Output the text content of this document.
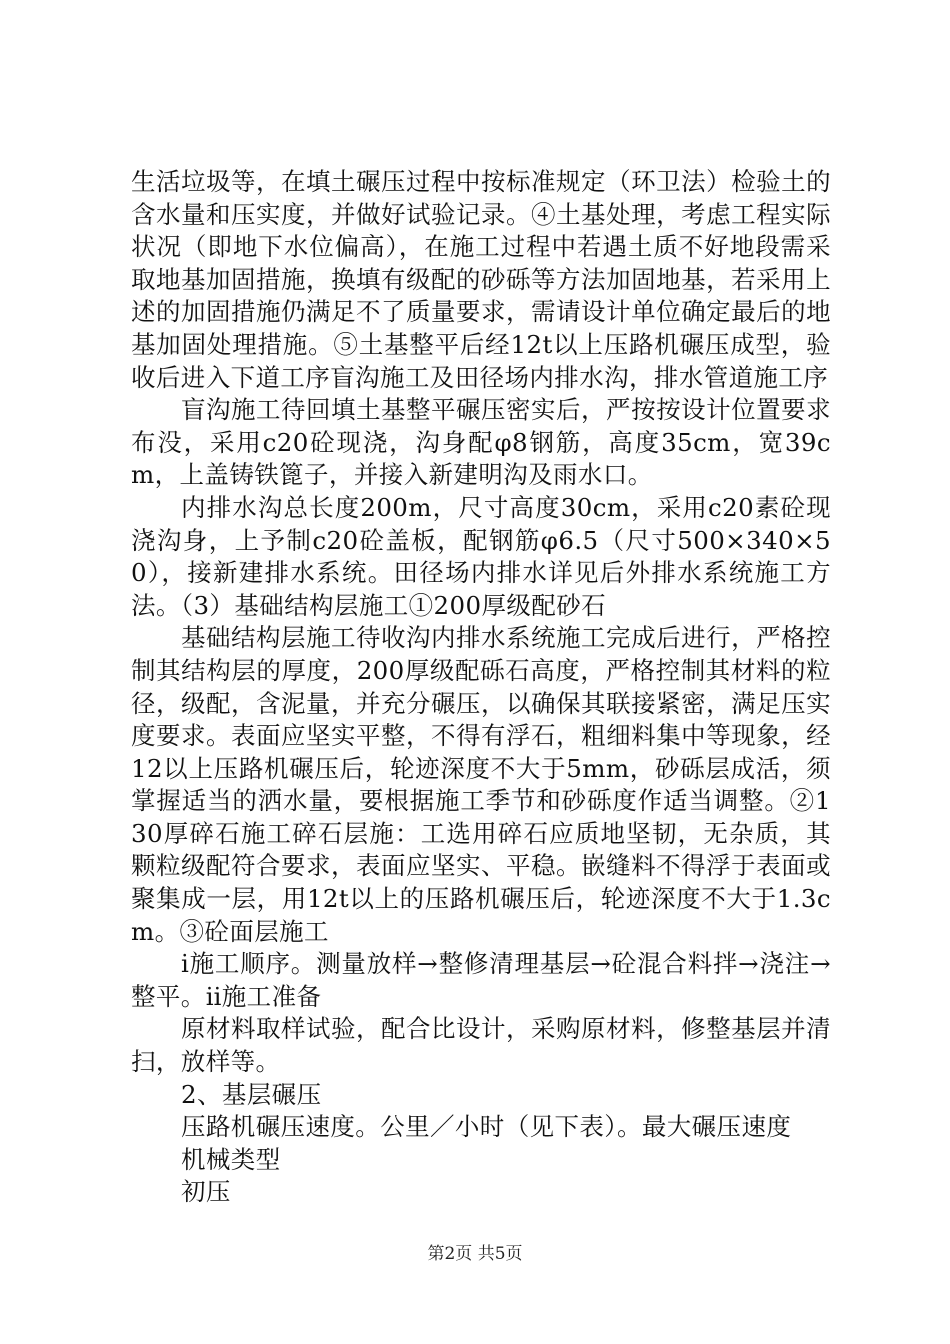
生活垃圾等，在填土碾压过程中按标准规定（环卫法）检验土的含水量和压实度，并做好试验记录。④土基处理，考虑工程实际状况（即地下水位偏高），在施工过程中若遇土质不好地段需采取地基加固措施，换填有级配的砂砾等方法加固地基，若采用上述的加固措施仍满足不了质量要求，需请设计单位确定最后的地基加固处理措施。⑤土基整平后经12t以上压路机碾压成型，验收后进入下道工序盲沟施工及田径场内排水沟，排水管道施工序

盲沟施工待回填土基整平碾压密实后，严按按设计位置要求布没，采用c20砼现浇，沟身配φ8钢筋，高度35cm，宽39cm，上盖铸铁篦子，并接入新建明沟及雨水口。

内排水沟总长度200m，尺寸高度30cm，采用c20素砼现浇沟身，上予制c20砼盖板，配钢筋φ6.5（尺寸500×340×50），接新建排水系统。田径场内排水详见后外排水系统施工方法。（3）基础结构层施工①200厚级配砂石

基础结构层施工待收沟内排水系统施工完成后进行，严格控制其结构层的厚度，200厚级配砾石高度，严格控制其材料的粒径，级配，含泥量，并充分碾压，以确保其联接紧密，满足压实度要求。表面应坚实平整，不得有浮石，粗细料集中等现象，经12以上压路机碾压后，轮迹深度不大于5mm，砂砾层成活，须掌握适当的洒水量，要根据施工季节和砂砾度作适当调整。②130厚碎石施工碎石层施：工选用碎石应质地坚韧，无杂质，其颗粒级配符合要求，表面应坚实、平稳。嵌缝料不得浮于表面或聚集成一层，用12t以上的压路机碾压后，轮迹深度不大于1.3cm。③砼面层施工

ⅰ施工顺序。测量放样→整修清理基层→砼混合料拌→浇注→整平。ⅱ施工准备

原材料取样试验，配合比设计，采购原材料，修整基层并清扫，放样等。

2、基层碾压

压路机碾压速度。公里／小时（见下表）。最大碾压速度

机械类型

初压

第2页 共5页
